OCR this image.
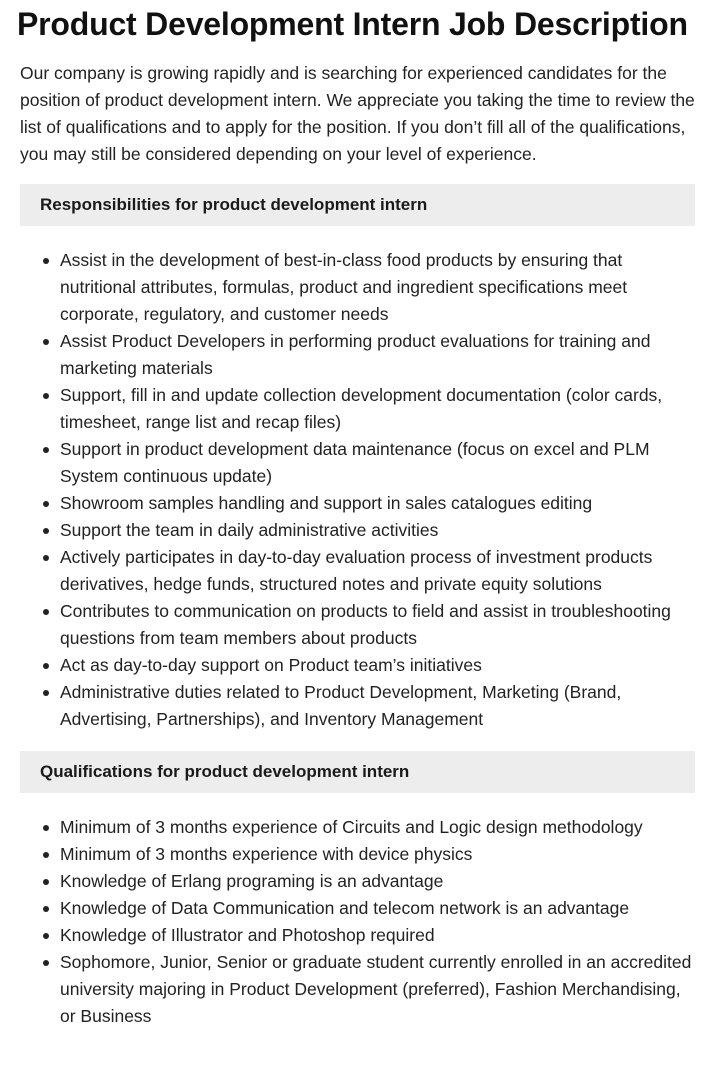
Product Development Intern Job Description

Our company is growing rapidly and is searching for experienced candidates for the position of product development intern. We appreciate you taking the time to review the list of qualifications and to apply for the position. If you don’t fill all of the qualifications, you may still be considered depending on your level of experience.

Responsibilities for product development intern
Assist in the development of best-in-class food products by ensuring that nutritional attributes, formulas, product and ingredient specifications meet corporate, regulatory, and customer needs
Assist Product Developers in performing product evaluations for training and marketing materials
Support, fill in and update collection development documentation (color cards, timesheet, range list and recap files)
Support in product development data maintenance (focus on excel and PLM System continuous update)
Showroom samples handling and support in sales catalogues editing
Support the team in daily administrative activities
Actively participates in day-to-day evaluation process of investment products derivatives, hedge funds, structured notes and private equity solutions
Contributes to communication on products to field and assist in troubleshooting questions from team members about products
Act as day-to-day support on Product team’s initiatives
Administrative duties related to Product Development, Marketing (Brand, Advertising, Partnerships), and Inventory Management
Qualifications for product development intern
Minimum of 3 months experience of Circuits and Logic design methodology
Minimum of 3 months experience with device physics
Knowledge of Erlang programing is an advantage
Knowledge of Data Communication and telecom network is an advantage
Knowledge of Illustrator and Photoshop required
Sophomore, Junior, Senior or graduate student currently enrolled in an accredited university majoring in Product Development (preferred), Fashion Merchandising, or Business
